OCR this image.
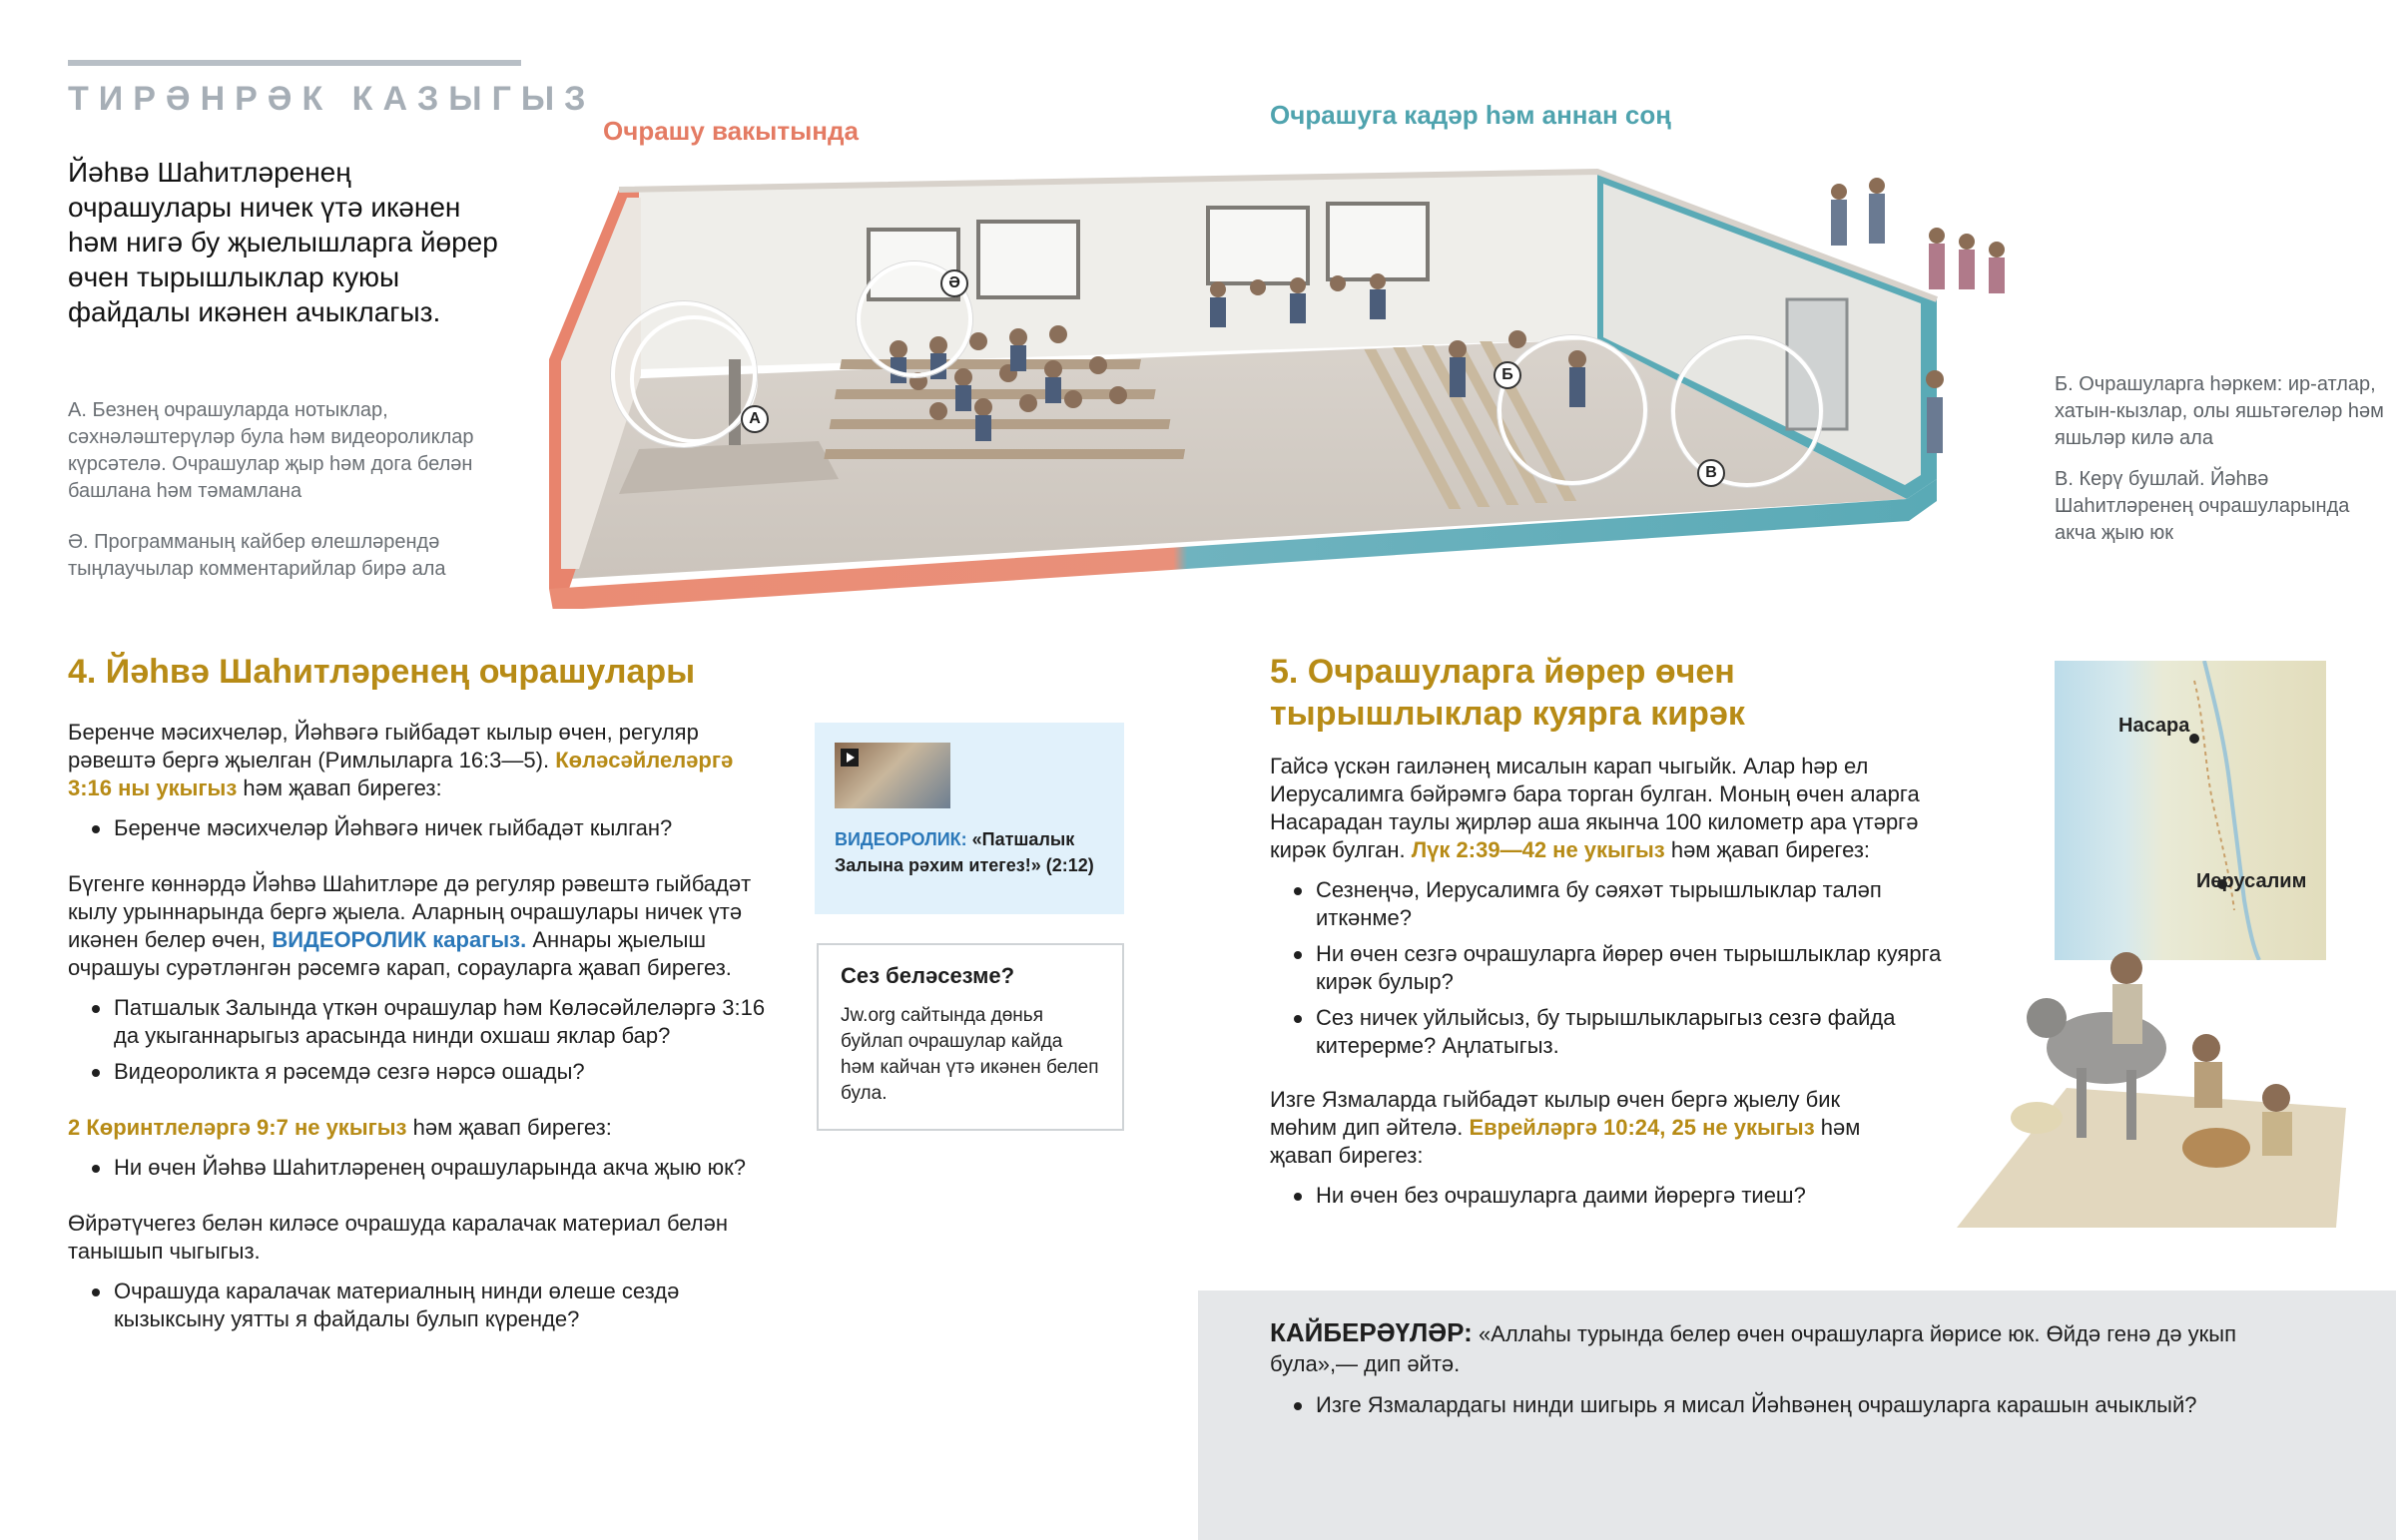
ТИРӘНРӘК КАЗЫГЫЗ
Йәһвә Шаһитләренең очрашулары ничек үтә икәнен һәм нигә бу җыелышларга йөрер өчен тырышлыклар куюы файдалы икәнен ачыклагыз.
А. Безнең очрашуларда нотыклар, сәхнәләштерүләр була һәм видеороликлар күрсәтелә. Очрашулар җыр һәм дога белән башлана һәм тәмамлана
Ә. Программаның кайбер өлешләрендә тыңлаучылар комментарийлар бирә ала
Очрашу вакытында
Очрашуга кадәр һәм аннан соң
А
Ә
Б
В

Б. Очрашуларга һәркем: ир-атлар, хатын-кызлар, олы яшьтәгеләр һәм яшьләр килә ала

В. Керү бушлай. Йәһвә Шаһитләренең очрашуларында акча җыю юк

4. Йәһвә Шаһитләренең очрашулары
Беренче мәсихчеләр, Йәһвәгә гыйбадәт кылыр өчен, регуляр рәвештә бергә җыелган (Римлыларга 16:3—5). Көләсәйлеләргә 3:16 ны укыгыз һәм җавап бирегез:
Беренче мәсихчеләр Йәһвәгә ничек гыйбадәт кылган?
Бүгенге көннәрдә Йәһвә Шаһитләре дә регуляр рәвештә гыйбадәт кылу урыннарында бергә җыела. Аларның очрашулары ничек үтә икәнен белер өчен, ВИДЕОРОЛИК карагыз. Аннары җыелыш очрашуы сурәтләнгән рәсемгә карап, сорауларга җавап бирегез.
Патшалык Залында үткән очрашулар һәм Көләсәйлеләргә 3:16 да укыганнарыгыз арасында нинди охшаш яклар бар?
Видеороликта я рәсемдә сезгә нәрсә ошады?
2 Көринтлеләргә 9:7 не укыгыз һәм җавап бирегез:
Ни өчен Йәһвә Шаһитләренең очрашуларында акча җыю юк?
Өйрәтүчегез белән киләсе очрашуда каралачак материал белән танышып чыгыгыз.
Очрашуда каралачак материалның нинди өлеше сездә кызыксыну уятты я файдалы булып күренде?
ВИДЕОРОЛИК: «Патшалык Залына рәхим итегез!» (2:12)
Сез беләсезме?
Jw.org сайтында дөнья буйлап очрашулар кайда һәм кайчан үтә икәнен белеп була.
5. Очрашуларга йөрер өчен тырышлыклар куярга кирәк
Гайсә үскән гаиләнең мисалын карап чыгыйк. Алар һәр ел Иерусалимга бәйрәмгә бара торган булган. Моның өчен аларга Насарадан таулы җирләр аша якынча 100 километр ара үтәргә кирәк булган. Лүк 2:39—42 не укыгыз һәм җавап бирегез:
Сезнеңчә, Иерусалимга бу сәяхәт тырышлыклар таләп иткәнме?
Ни өчен сезгә очрашуларга йөрер өчен тырышлыклар куярга кирәк булыр?
Сез ничек уйлыйсыз, бу тырышлыкларыгыз сезгә файда китерерме? Аңлатыгыз.
Изге Язмаларда гыйбадәт кылыр өчен бергә җыелу бик мөһим дип әйтелә. Еврейләргә 10:24, 25 не укыгыз һәм җавап бирегез:
Ни өчен без очрашуларга даими йөрергә тиеш?
Насара
Иерусалим
КАЙБЕРӘҮЛӘР: «Аллаһы турында белер өчен очрашуларга йөрисе юк. Өйдә генә дә укып була»,— дип әйтә.
Изге Язмалардагы нинди шигырь я мисал Йәһвәнең очрашуларга карашын ачыклый?
